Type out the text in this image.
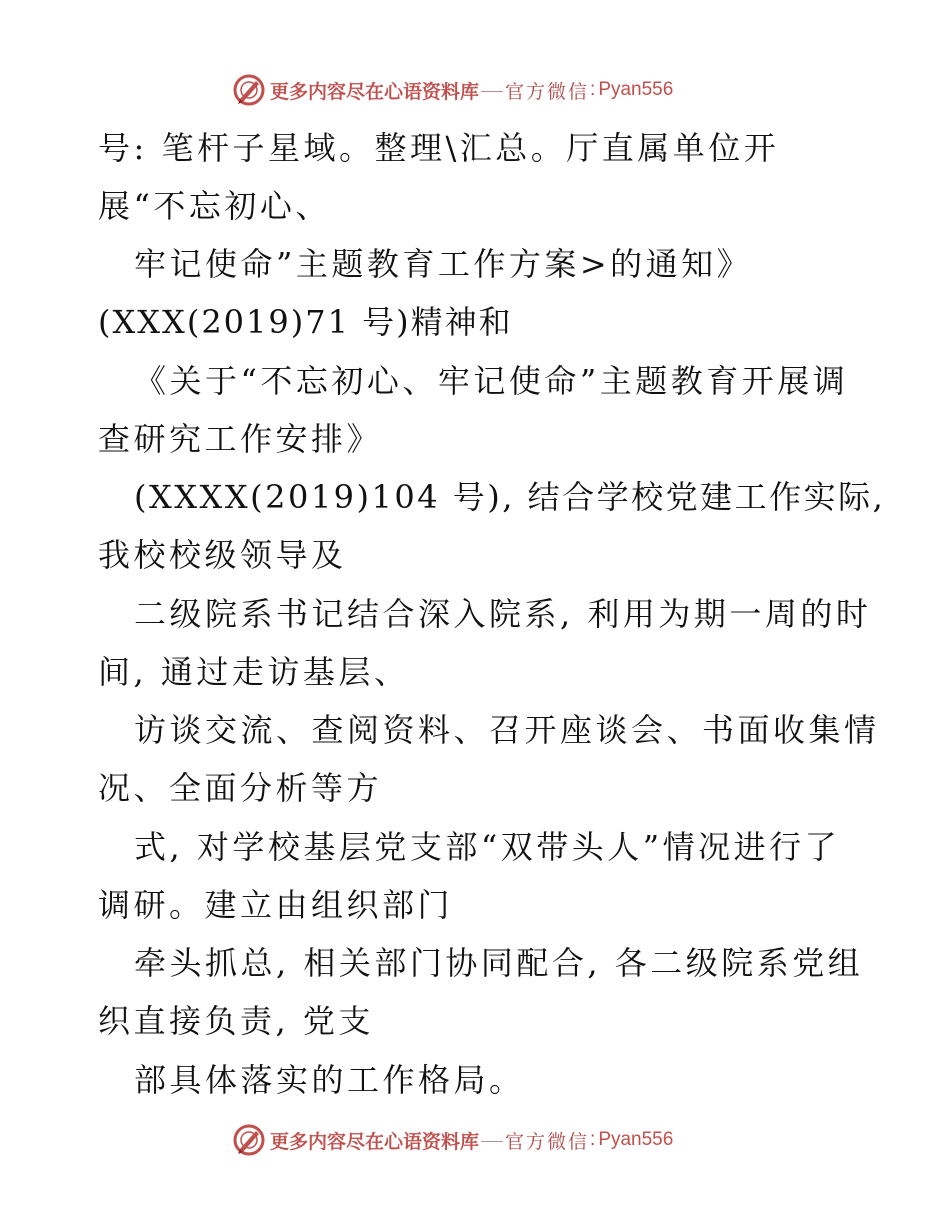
更多内容尽在心语资料库 官方微信 : Pyan556
号: 笔杆子星域。整理\汇总。厅直属单位开
展“不忘初心、
牢记使命”主题教育工作方案>的通知》
(XXX(2019)71 号)精神和
《关于“不忘初心、牢记使命”主题教育开展调
查研究工作安排》
(XXXX(2019)104 号), 结合学校党建工作实际,
我校校级领导及
二级院系书记结合深入院系, 利用为期一周的时
间, 通过走访基层、
访谈交流、查阅资料、召开座谈会、书面收集情
况、全面分析等方
式, 对学校基层党支部“双带头人”情况进行了
调研。建立由组织部门
牵头抓总, 相关部门协同配合, 各二级院系党组
织直接负责, 党支
部具体落实的工作格局。
更多内容尽在心语资料库 官方微信 : Pyan556
